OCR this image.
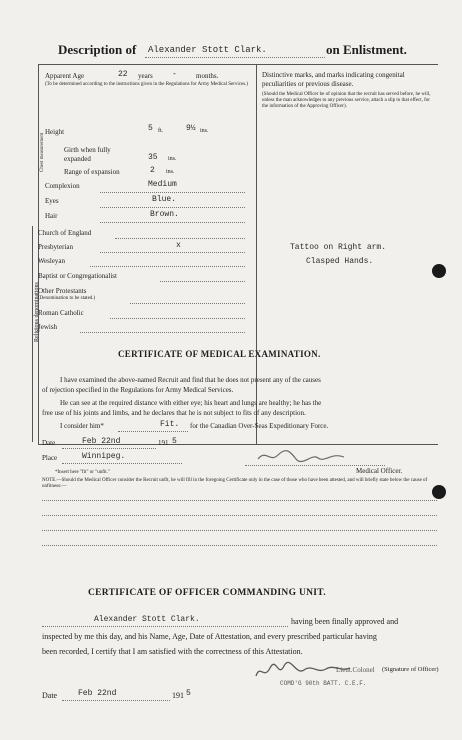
Description of Alexander Stott Clark.	on Enlistment.
Apparent Age	22 years -	months.
(To be determined according to the instructions given in the Regulations for Army Medical Services.)
Height	5 ft.	9½ ins.
Chest measurement	Girth when fully expanded	35 ins.
Range of expansion	2 ins.
Complexion	Medium
Eyes	Blue.
Hair	Brown.
Religious denominations
Church of England
Presbyterian	x
Wesleyan
Baptist or Congregationalist
Other Protestants
(Denomination to be stated.)
Roman Catholic
Jewish
Distinctive marks, and marks indicating congenital peculiarities or previous disease.
(Should the Medical Officer be of opinion that the recruit has served before, he will, unless the man acknowledges to any previous service, attach a slip to that effect, for the information of the Approving Officer).
Tattoo on Right arm.
Clasped Hands.
CERTIFICATE OF MEDICAL EXAMINATION.
I have examined the above-named Recruit and find that he does not present any of the causes
of rejection specified in the Regulations for Army Medical Services.
He can see at the required distance with either eye; his heart and lungs are healthy; he has the
free use of his joints and limbs, and he declares that he is not subject to fits of any description.
I consider him*	Fit. for the Canadian Over-Seas Expeditionary Force.
Date	Feb 22nd	191 5
Place	Winnipeg.
Medical Officer.
*Insert here "fit" or "unfit."
NOTE.—Should the Medical Officer consider the Recruit unfit, he will fill in the foregoing Certificate only in the case of those who have been attested, and will briefly state below the cause of unfitness:—
CERTIFICATE OF OFFICER COMMANDING UNIT.
Alexander Stott Clark.	having been finally approved and
inspected by me this day, and his Name, Age, Date of Attestation, and every prescribed particular having
been recorded, I certify that I am satisfied with the correctness of this Attestation.
Lieut.Colonel (Signature of Officer)
COMD'G 90th BATT. C.E.F.
Date	Feb 22nd	191 5
